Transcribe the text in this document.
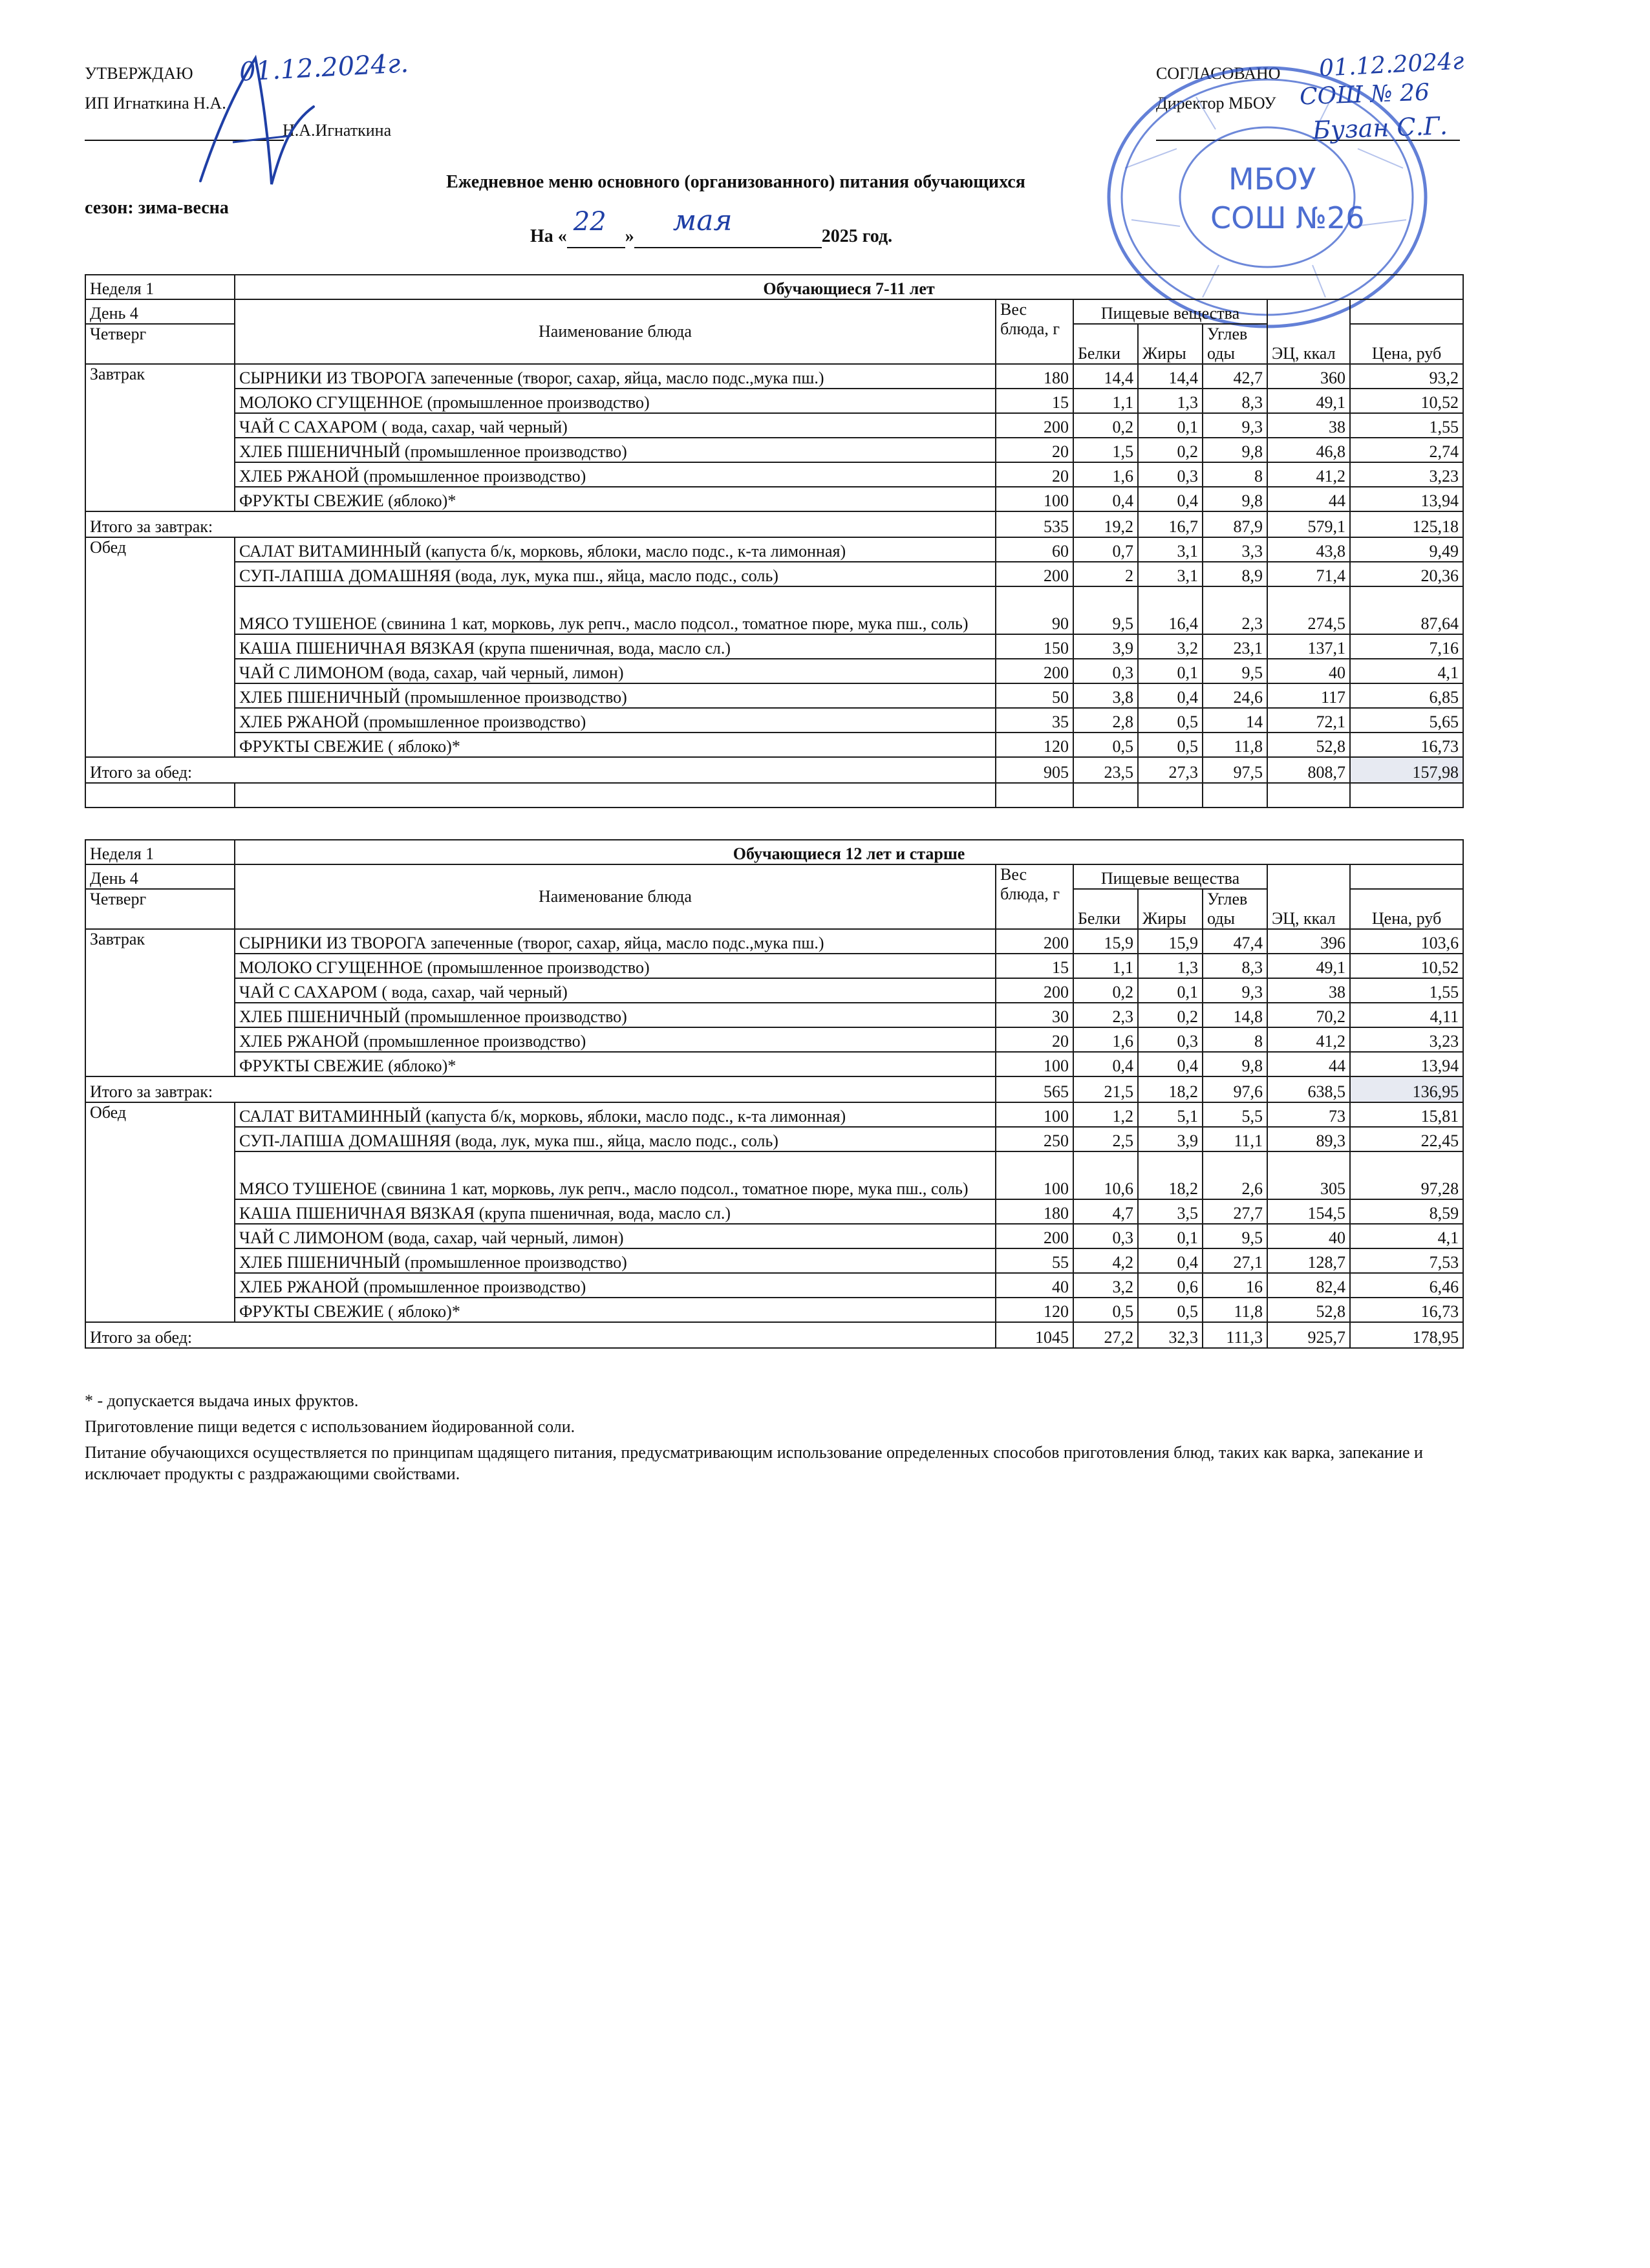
УТВЕРЖДАЮ 01.12.2024г.
ИП Игнаткина Н.А.
Н.А.Игнаткина
СОГЛАСОВАНО 01.12.2024г
Директор МБОУ СОШ № 26
Бузан С.Г.
МБОУ
СОШ №26
Ежедневное меню основного (организованного) питания обучающихся
сезон: зима-весна
На « 22 » мая	2025 год.
Неделя 1	Обучающиеся 7-11 лет						
День 4	Наименование блюда	Вес блюда, г	Пищевые вещества			ЭЦ, ккал	
Четверг			Белки	Жиры	Углев оды		Цена, руб
Завтрак	СЫРНИКИ ИЗ ТВОРОГА запеченные (творог, сахар, яйца, масло подс.,мука пш.)	180	14,4	14,4	42,7	360	93,2
	МОЛОКО СГУЩЕННОЕ (промышленное производство)	15	1,1	1,3	8,3	49,1	10,52
	ЧАЙ С САХАРОМ ( вода, сахар, чай черный)	200	0,2	0,1	9,3	38	1,55
	ХЛЕБ ПШЕНИЧНЫЙ (промышленное производство)	20	1,5	0,2	9,8	46,8	2,74
	ХЛЕБ РЖАНОЙ (промышленное производство)	20	1,6	0,3	8	41,2	3,23
	ФРУКТЫ СВЕЖИЕ (яблоко)*	100	0,4	0,4	9,8	44	13,94
Итого за завтрак:		535	19,2	16,7	87,9	579,1	125,18
Обед	САЛАТ ВИТАМИННЫЙ (капуста б/к, морковь, яблоки, масло подс., к-та лимонная)	60	0,7	3,1	3,3	43,8	9,49
	СУП-ЛАПША ДОМАШНЯЯ (вода, лук, мука пш., яйца, масло подс., соль)	200	2	3,1	8,9	71,4	20,36
	МЯСО ТУШЕНОЕ (свинина 1 кат, морковь, лук репч., масло подсол., томатное пюре, мука пш., соль)	90	9,5	16,4	2,3	274,5	87,64
	КАША ПШЕНИЧНАЯ ВЯЗКАЯ (крупа пшеничная, вода, масло сл.)	150	3,9	3,2	23,1	137,1	7,16
	ЧАЙ С ЛИМОНОМ (вода, сахар, чай черный, лимон)	200	0,3	0,1	9,5	40	4,1
	ХЛЕБ ПШЕНИЧНЫЙ (промышленное производство)	50	3,8	0,4	24,6	117	6,85
	ХЛЕБ РЖАНОЙ (промышленное производство)	35	2,8	0,5	14	72,1	5,65
	ФРУКТЫ СВЕЖИЕ ( яблоко)*	120	0,5	0,5	11,8	52,8	16,73
Итого за обед:		905	23,5	27,3	97,5	808,7	157,98

Неделя 1	Обучающиеся 12 лет и старше						
День 4	Наименование блюда	Вес блюда, г	Пищевые вещества			ЭЦ, ккал	
Четверг			Белки	Жиры	Углев оды		Цена, руб
Завтрак	СЫРНИКИ ИЗ ТВОРОГА запеченные (творог, сахар, яйца, масло подс.,мука пш.)	200	15,9	15,9	47,4	396	103,6
	МОЛОКО СГУЩЕННОЕ (промышленное производство)	15	1,1	1,3	8,3	49,1	10,52
	ЧАЙ С САХАРОМ ( вода, сахар, чай черный)	200	0,2	0,1	9,3	38	1,55
	ХЛЕБ ПШЕНИЧНЫЙ (промышленное производство)	30	2,3	0,2	14,8	70,2	4,11
	ХЛЕБ РЖАНОЙ (промышленное производство)	20	1,6	0,3	8	41,2	3,23
	ФРУКТЫ СВЕЖИЕ (яблоко)*	100	0,4	0,4	9,8	44	13,94
Итого за завтрак:		565	21,5	18,2	97,6	638,5	136,95
Обед	САЛАТ ВИТАМИННЫЙ (капуста б/к, морковь, яблоки, масло подс., к-та лимонная)	100	1,2	5,1	5,5	73	15,81
	СУП-ЛАПША ДОМАШНЯЯ (вода, лук, мука пш., яйца, масло подс., соль)	250	2,5	3,9	11,1	89,3	22,45
	МЯСО ТУШЕНОЕ (свинина 1 кат, морковь, лук репч., масло подсол., томатное пюре, мука пш., соль)	100	10,6	18,2	2,6	305	97,28
	КАША ПШЕНИЧНАЯ ВЯЗКАЯ (крупа пшеничная, вода, масло сл.)	180	4,7	3,5	27,7	154,5	8,59
	ЧАЙ С ЛИМОНОМ (вода, сахар, чай черный, лимон)	200	0,3	0,1	9,5	40	4,1
	ХЛЕБ ПШЕНИЧНЫЙ (промышленное производство)	55	4,2	0,4	27,1	128,7	7,53
	ХЛЕБ РЖАНОЙ (промышленное производство)	40	3,2	0,6	16	82,4	6,46
	ФРУКТЫ СВЕЖИЕ ( яблоко)*	120	0,5	0,5	11,8	52,8	16,73
Итого за обед:		1045	27,2	32,3	111,3	925,7	178,95

* - допускается выдача иных фруктов.

Приготовление пищи ведется с использованием йодированной соли.

Питание обучающихся осуществляется по принципам щадящего питания, предусматривающим использование определенных способов приготовления блюд, таких как варка, запекание и исключает продукты с раздражающими свойствами.
